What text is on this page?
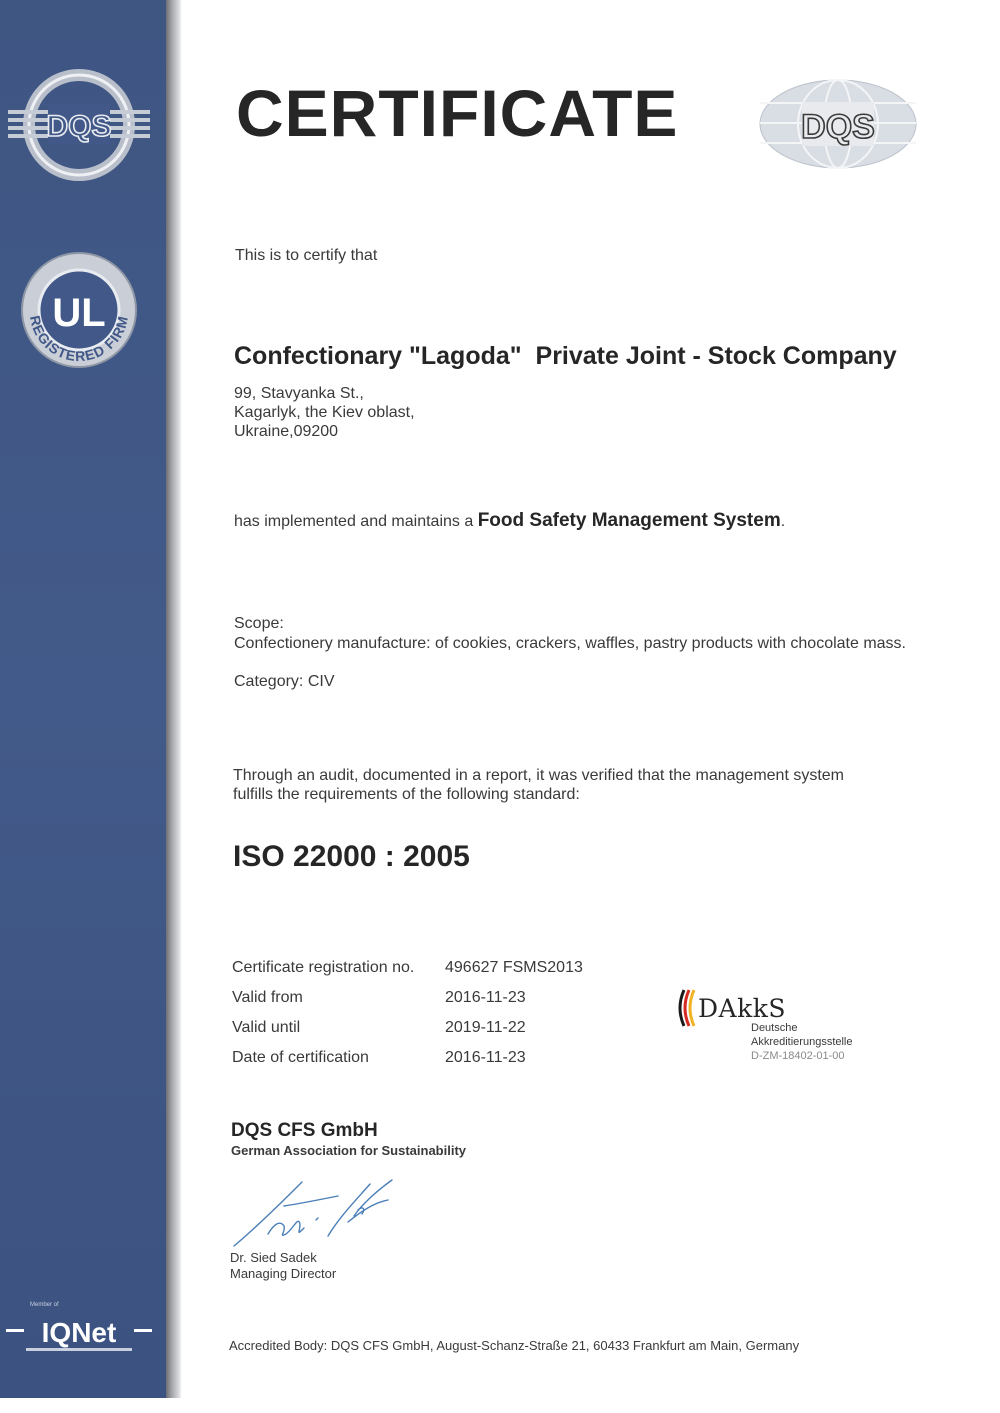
DQS
UL
REGISTERED FIRM
Member of
IQNet
CERTIFICATE	DQS
This is to certify that
Confectionary "Lagoda"  Private Joint - Stock Company
99, Stavyanka St.,
Kagarlyk, the Kiev oblast,
Ukraine,09200
has implemented and maintains a Food Safety Management System.
Scope:
Confectionery manufacture: of cookies, crackers, waffles, pastry products with chocolate mass.
Category: CIV
Through an audit, documented in a report, it was verified that the management system
fulfills the requirements of the following standard:
ISO 22000 : 2005
Certificate registration no.	496627 FSMS2013
Valid from	2016-11-23
Valid until	2019-11-22
Date of certification	2016-11-23
DAkkS
Deutsche
Akkreditierungsstelle
D-ZM-18402-01-00
DQS CFS GmbH
German Association for Sustainability
Dr. Sied Sadek
Managing Director
Accredited Body: DQS CFS GmbH, August-Schanz-Straße 21, 60433 Frankfurt am Main, Germany
